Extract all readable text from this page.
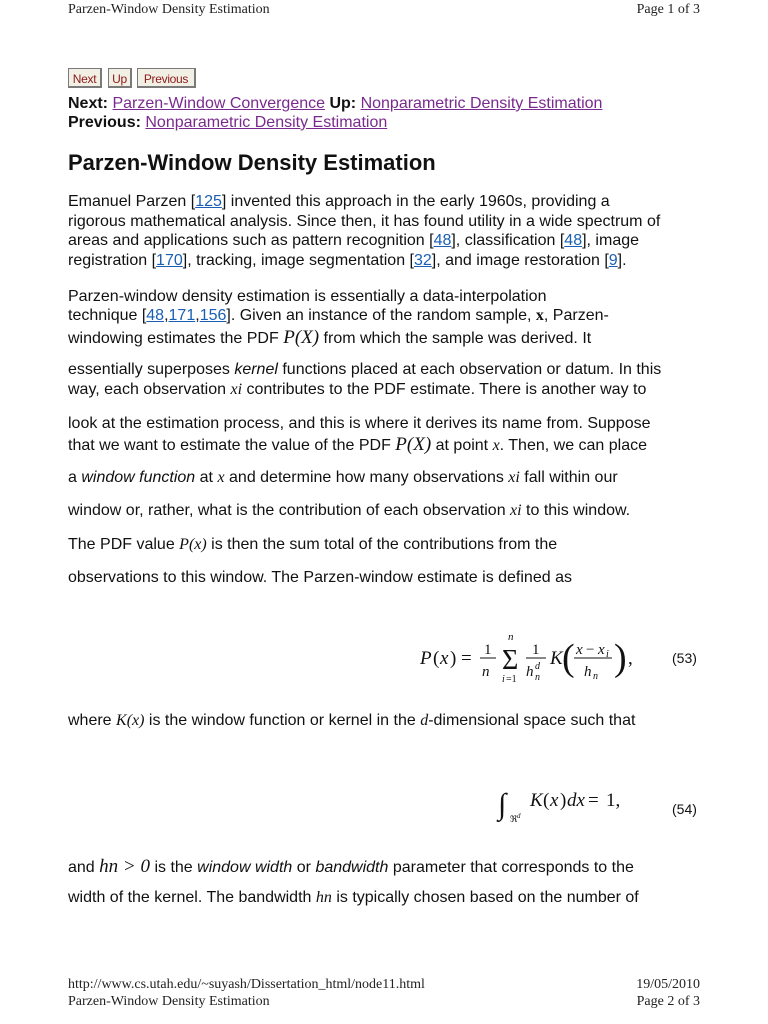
Parzen-Window Density Estimation	Page 1 of 3
Next	Up	Previous
Next: Parzen-Window Convergence Up: Nonparametric Density Estimation
Previous: Nonparametric Density Estimation
Parzen-Window Density Estimation
Emanuel Parzen [125] invented this approach in the early 1960s, providing a
rigorous mathematical analysis. Since then, it has found utility in a wide spectrum of
areas and applications such as pattern recognition [48], classification [48], image
registration [170], tracking, image segmentation [32], and image restoration [9].
Parzen-window density estimation is essentially a data-interpolation
technique [48,171,156]. Given an instance of the random sample, x, Parzen-
windowing estimates the PDF P(X) from which the sample was derived. It
essentially superposes kernel functions placed at each observation or datum. In this
way, each observation xi contributes to the PDF estimate. There is another way to
look at the estimation process, and this is where it derives its name from. Suppose
that we want to estimate the value of the PDF P(X) at point x. Then, we can place
a window function at x and determine how many observations xi fall within our
window or, rather, what is the contribution of each observation xi to this window.
The PDF value P(x) is then the sum total of the contributions from the
observations to this window. The Parzen-window estimate is defined as
P ( x ) = 1
n
n
Σ
i =1
1
h d
n
K ( x − x i
h n ) ,	(53)
where K(x) is the window function or kernel in the d-dimensional space such that
∫ ℜ d
K ( x ) dx = 1,	(54)
and hn > 0 is the window width or bandwidth parameter that corresponds to the
width of the kernel. The bandwidth hn is typically chosen based on the number of
http://www.cs.utah.edu/~suyash/Dissertation_html/node11.html	19/05/2010
Parzen-Window Density Estimation	Page 2 of 3
